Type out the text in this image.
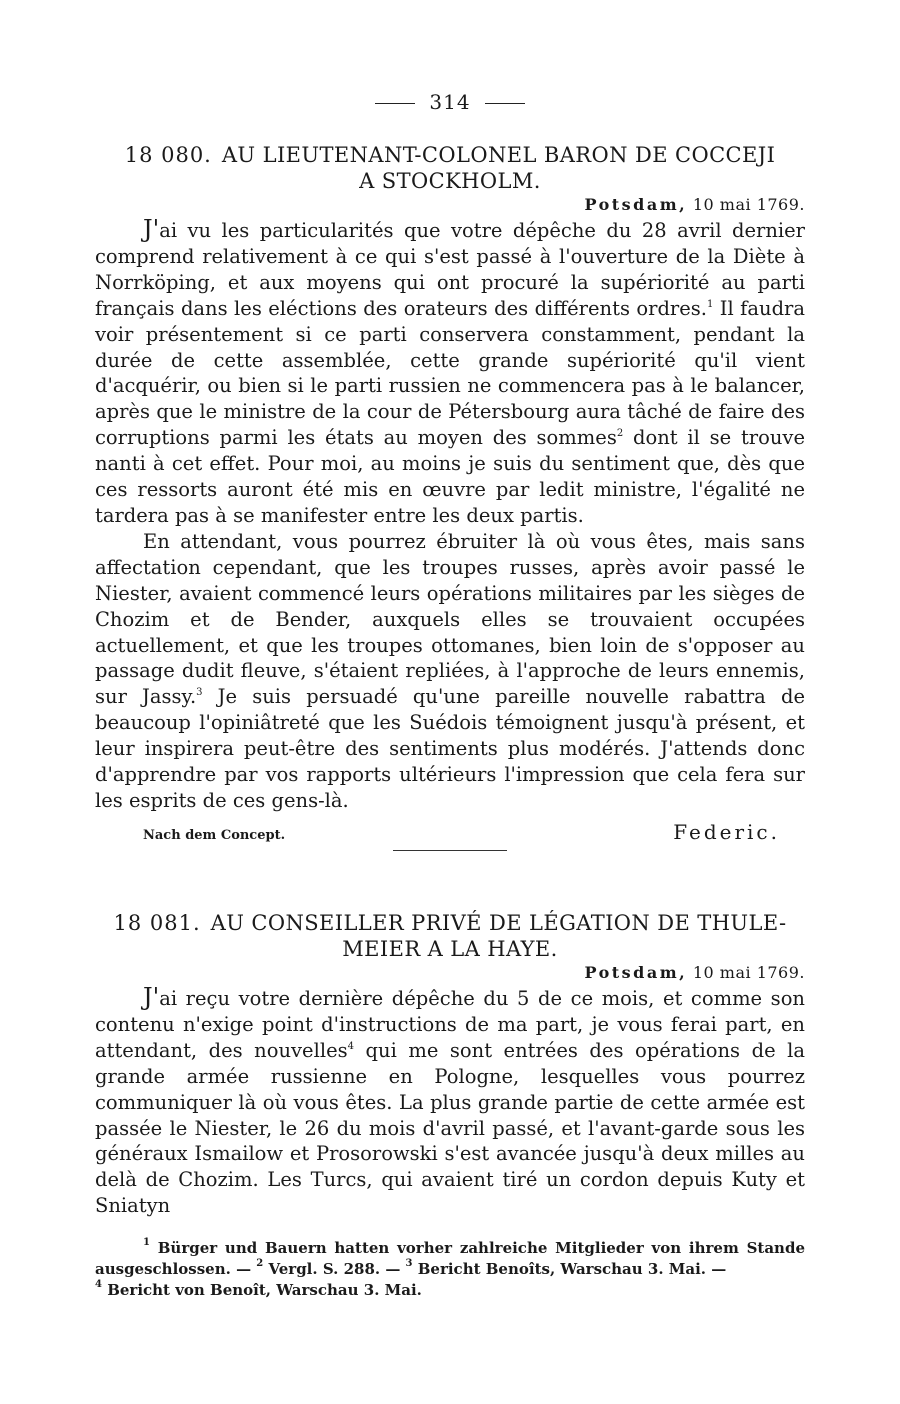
314
18 080. AU LIEUTENANT-COLONEL BARON DE COCCEJI
A STOCKHOLM.
Potsdam, 10 mai 1769.

J'ai vu les particularités que votre dépêche du 28 avril dernier comprend relativement à ce qui s'est passé à l'ouverture de la Diète à Norrköping, et aux moyens qui ont procuré la supériorité au parti français dans les eléctions des orateurs des différents ordres.$^1$ Il faudra voir présentement si ce parti conservera constamment, pendant la durée de cette assemblée, cette grande supériorité qu'il vient d'acquérir, ou bien si le parti russien ne commencera pas à le balancer, après que le ministre de la cour de Pétersbourg aura tâché de faire des corruptions parmi les états au moyen des sommes$^2$ dont il se trouve nanti à cet effet. Pour moi, au moins je suis du sentiment que, dès que ces ressorts auront été mis en œuvre par ledit ministre, l'égalité ne tardera pas à se manifester entre les deux partis.

En attendant, vous pourrez ébruiter là où vous êtes, mais sans affectation cependant, que les troupes russes, après avoir passé le Niester, avaient commencé leurs opérations militaires par les sièges de Chozim et de Bender, auxquels elles se trouvaient occupées actuellement, et que les troupes ottomanes, bien loin de s'opposer au passage dudit fleuve, s'étaient repliées, à l'approche de leurs ennemis, sur Jassy.$^3$ Je suis persuadé qu'une pareille nouvelle rabattra de beaucoup l'opiniâtreté que les Suédois témoignent jusqu'à présent, et leur inspirera peut-être des sentiments plus modérés. J'attends donc d'apprendre par vos rapports ultérieurs l'impression que cela fera sur les esprits de ces gens-là.

Nach dem Concept.	Federic.
18 081. AU CONSEILLER PRIVÉ DE LÉGATION DE THULE-
MEIER A LA HAYE.
Potsdam, 10 mai 1769.

J'ai reçu votre dernière dépêche du 5 de ce mois, et comme son contenu n'exige point d'instructions de ma part, je vous ferai part, en attendant, des nouvelles$^4$ qui me sont entrées des opérations de la grande armée russienne en Pologne, lesquelles vous pourrez communiquer là où vous êtes. La plus grande partie de cette armée est passée le Niester, le 26 du mois d'avril passé, et l'avant-garde sous les généraux Ismailow et Prosorowski s'est avancée jusqu'à deux milles au delà de Chozim. Les Turcs, qui avaient tiré un cordon depuis Kuty et Sniatyn

$^1$ Bürger und Bauern hatten vorher zahlreiche Mitglieder von ihrem Stande ausgeschlossen. — $^2$ Vergl. S. 288. — $^3$ Bericht Benoîts, Warschau 3. Mai. —
$^4$ Bericht von Benoît, Warschau 3. Mai.
